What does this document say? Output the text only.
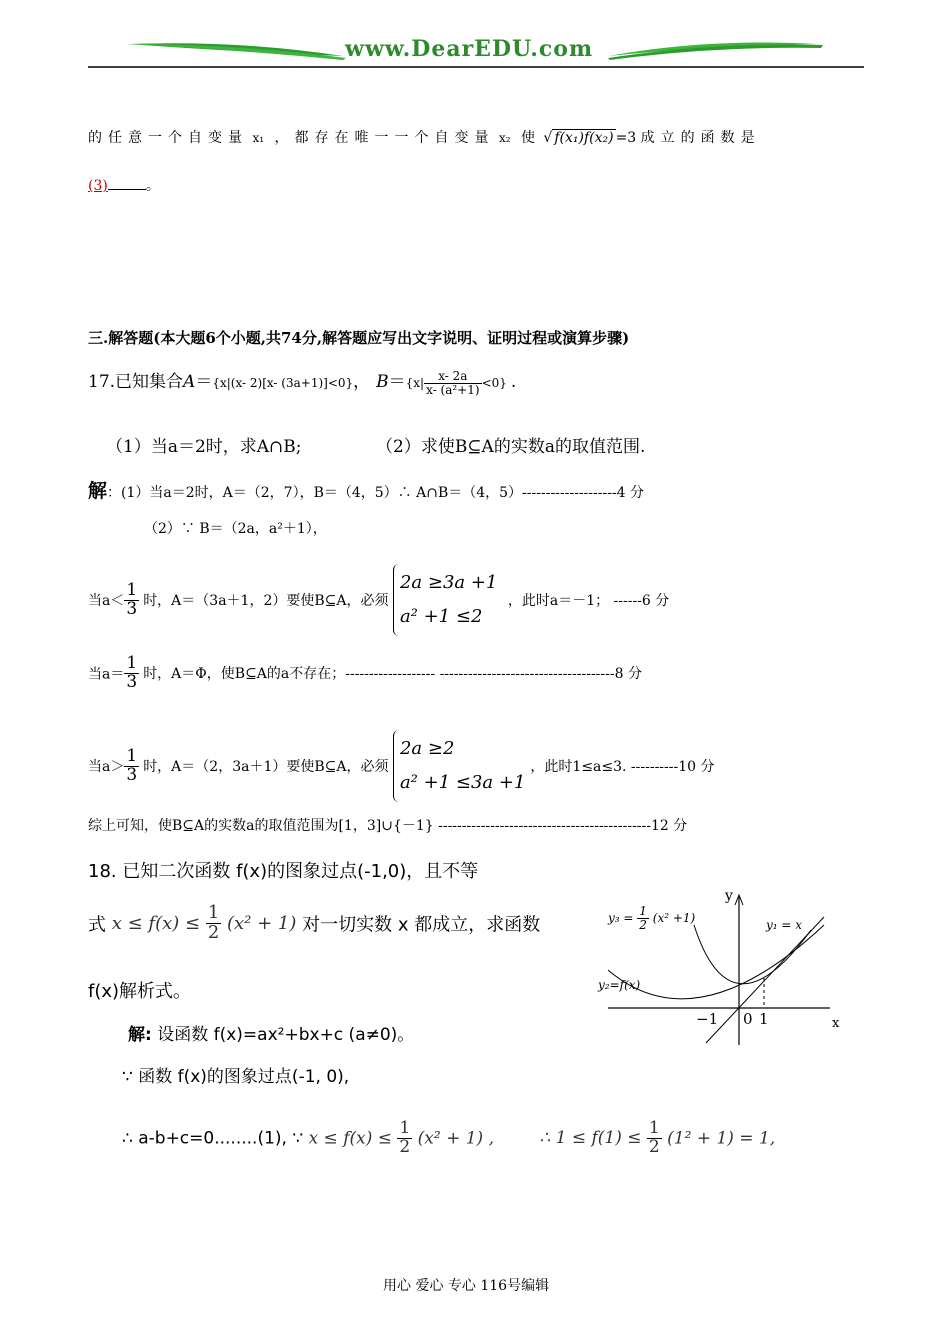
www.DearEDU.com
的任意一个自变量 x₁ ，都存在唯一一个自变量 x₂ 使 √ f(x₁)f(x₂) =3 成立的函数是
(3)	。
三.解答题(本大题6个小题,共74分,解答题应写出文字说明、证明过程或演算步骤)
17.已知集合A＝{x|(x- 2)[x- (3a+1)]<0}， $B=\{x| \frac{x- 2a}{\text{x- (a²+1)}} <0\}$ .
（1）当a＝2时，求A∩B;	（2）求使B⊆A的实数a的取值范围.
解：(1）当a＝2时，A＝（2，7），B＝（4，5）∴ A∩B＝（4，5）--------------------4 分
（2）∵ B＝（2a，a²＋1），
当$a< \frac{1}{3}$ 时，A＝（3a＋1，2）要使B⊆A，必须
2a ≥3a +1
a² +1 ≤2
，此时a＝－1； ------6 分
当$a= \frac{1}{3}$ 时，A＝Φ，使B⊆A的a不存在；------------------- -------------------------------------8 分
当$a> \frac{1}{3}$ 时，A＝（2，3a＋1）要使B⊆A，必须
2a ≥2
a² +1 ≤3a +1
，此时1≤a≤3. ----------10 分
综上可知，使B⊆A的实数a的取值范围为[1，3]∪{－1} ---------------------------------------------12 分
18. 已知二次函数 f(x)的图象过点(-1,0)，且不等
式 $x \le f(x) \le \frac{1}{2} (x^2 + 1)$ 对一切实数 x 都成立，求函数
f(x)解析式。
解: 设函数 f(x)=ax²+bx+c (a≠0)。
∵ 函数 f(x)的图象过点(-1, 0),
∴ a-b+c=0........(1), ∵ $x \le f(x) \le \frac{1}{2} (x^2 + 1)$ ,	∴ $1 \le f(1) \le \frac{1}{2} (1^2 + 1) = 1$,
$y_3 = \frac{1}{2} (x^2 +1)$	y₁ = x
y₂=f(x)
x
y
−1 0 1
用心 爱心 专心 116号编辑
